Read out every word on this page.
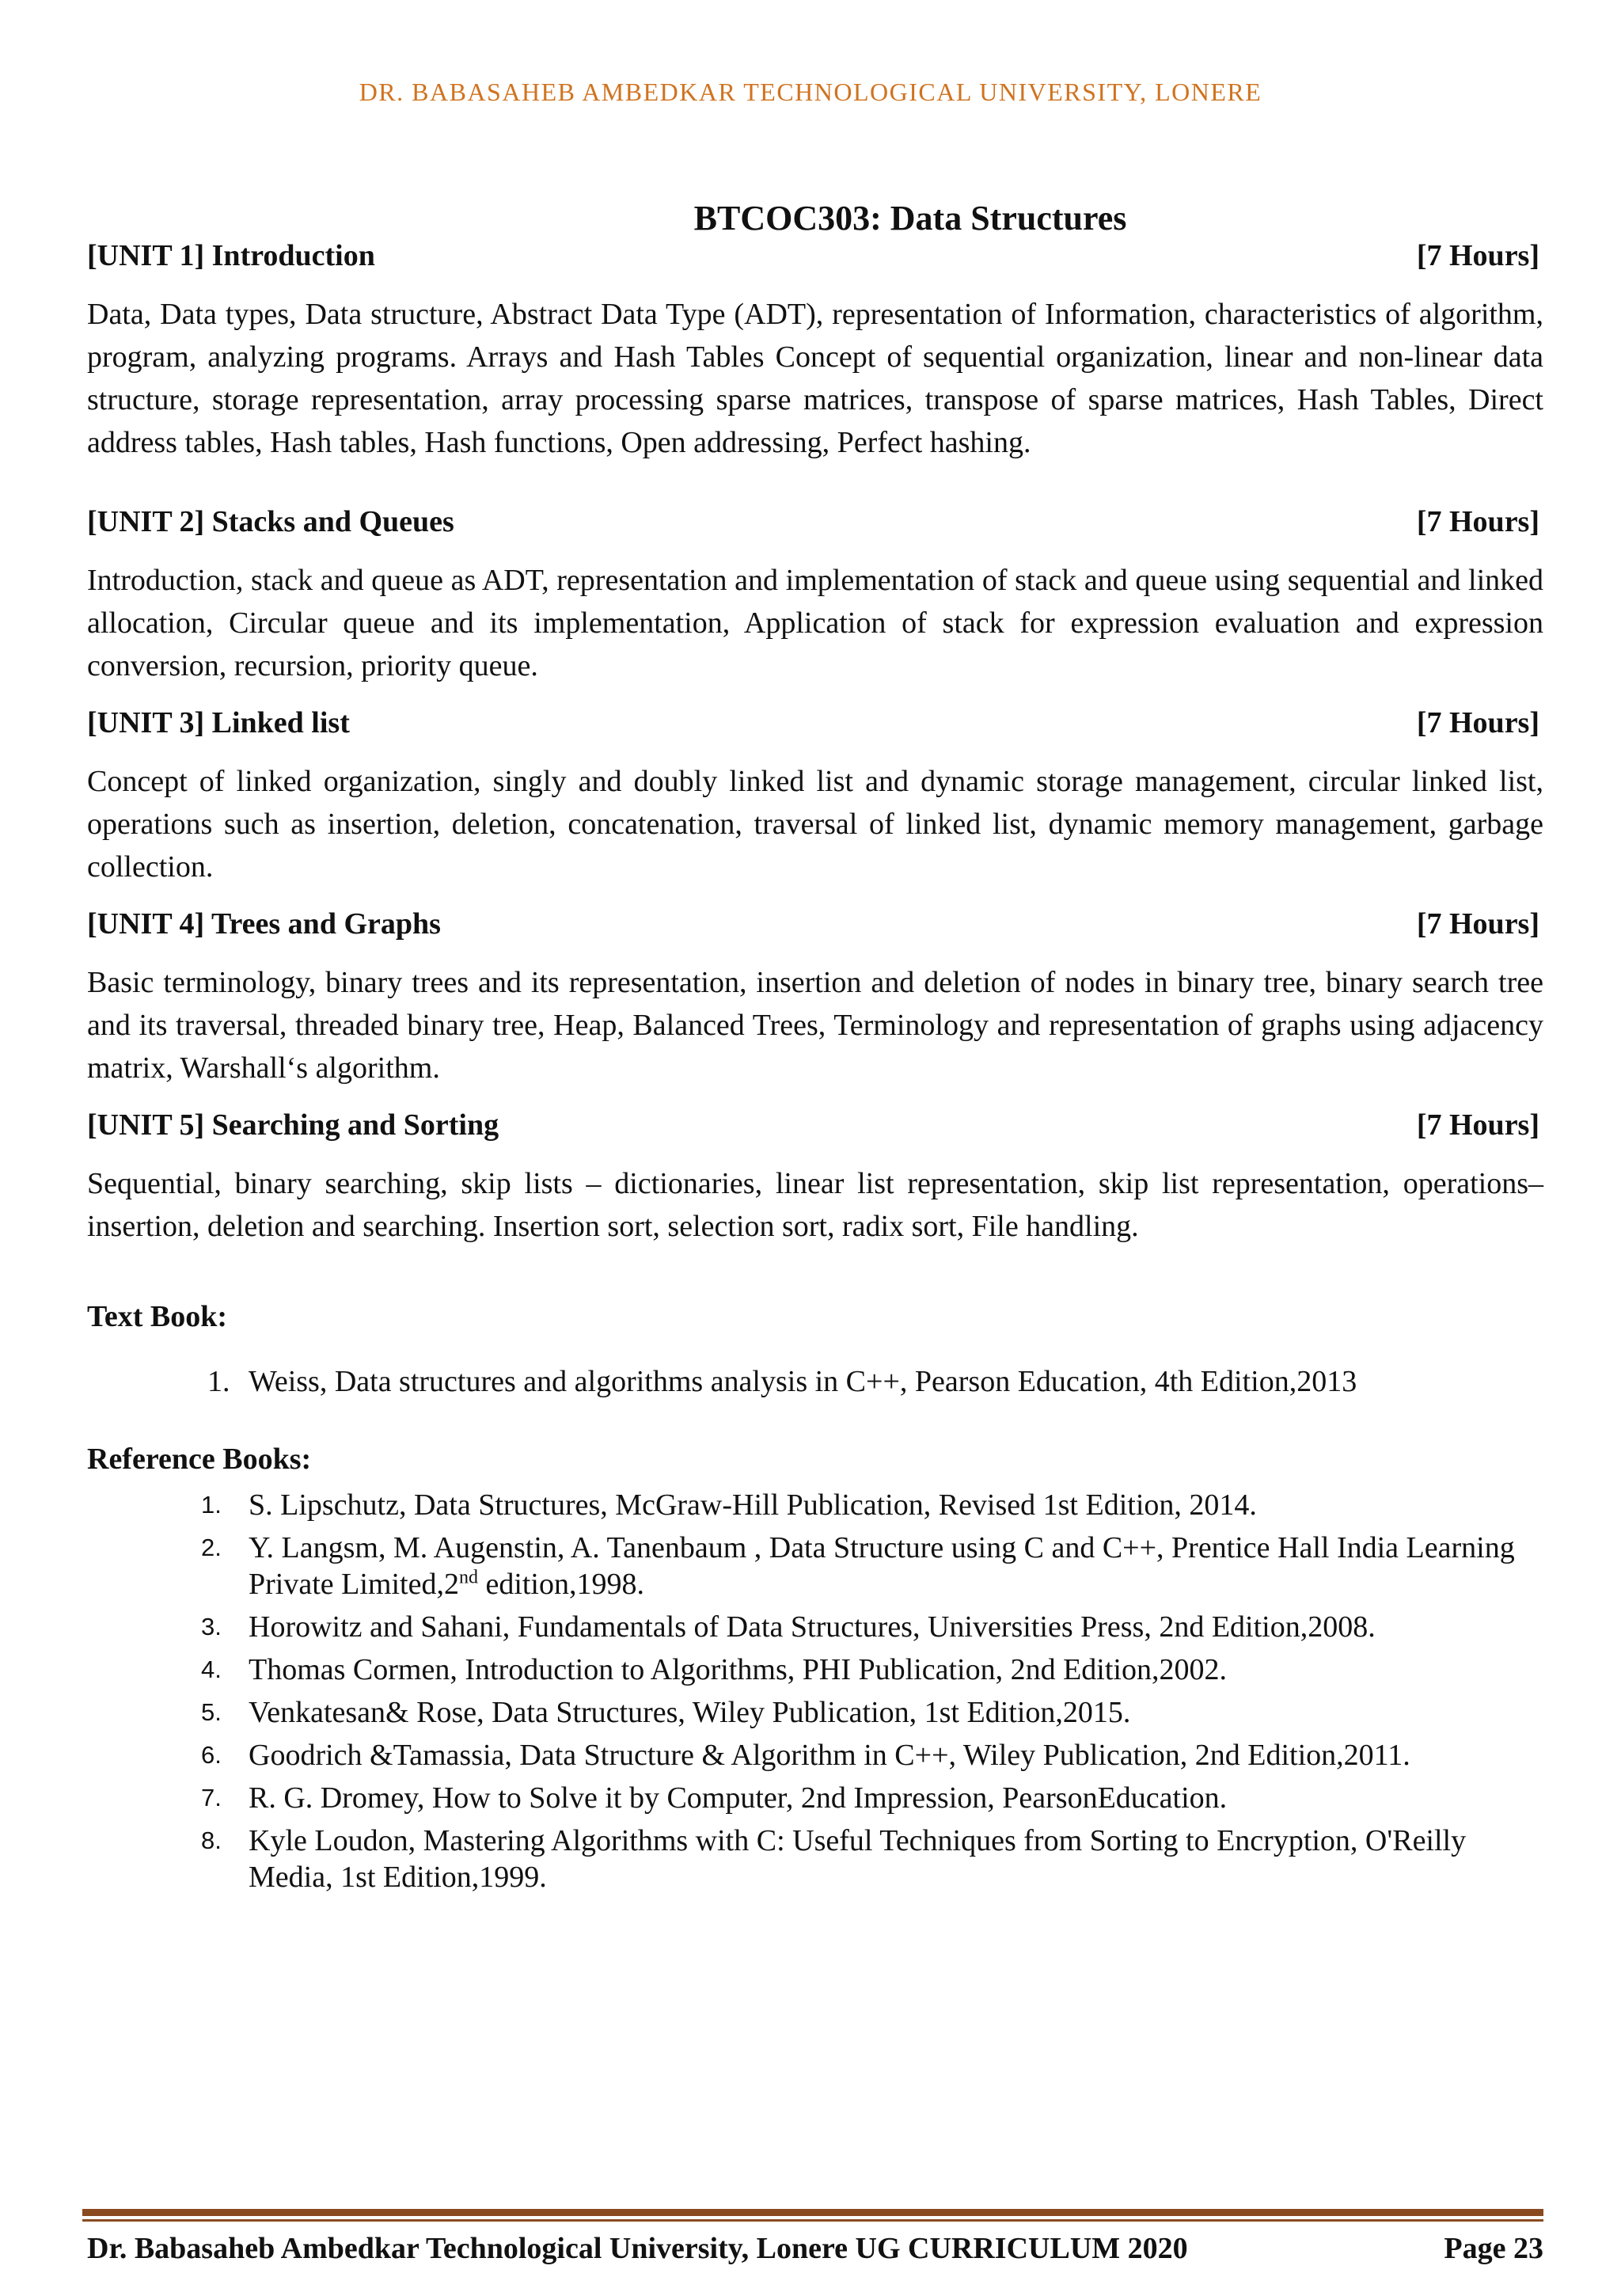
DR. BABASAHEB AMBEDKAR TECHNOLOGICAL UNIVERSITY, LONERE
BTCOC303: Data Structures
[UNIT 1] Introduction	[7 Hours]

Data, Data types, Data structure, Abstract Data Type (ADT), representation of Information, characteristics of algorithm, program, analyzing programs. Arrays and Hash Tables Concept of sequential organization, linear and non-linear data structure, storage representation, array processing sparse matrices, transpose of sparse matrices, Hash Tables, Direct address tables, Hash tables, Hash functions, Open addressing, Perfect hashing.

[UNIT 2] Stacks and Queues	[7 Hours]

Introduction, stack and queue as ADT, representation and implementation of stack and queue using sequential and linked allocation, Circular queue and its implementation, Application of stack for expression evaluation and expression conversion, recursion, priority queue.

[UNIT 3] Linked list	[7 Hours]

Concept of linked organization, singly and doubly linked list and dynamic storage management, circular linked list, operations such as insertion, deletion, concatenation, traversal of linked list, dynamic memory management, garbage collection.

[UNIT 4] Trees and Graphs	[7 Hours]

Basic terminology, binary trees and its representation, insertion and deletion of nodes in binary tree, binary search tree and its traversal, threaded binary tree, Heap, Balanced Trees, Terminology and representation of graphs using adjacency matrix, Warshall‘s algorithm.

[UNIT 5] Searching and Sorting	[7 Hours]

Sequential, binary searching, skip lists – dictionaries, linear list representation, skip list representation, operations– insertion, deletion and searching. Insertion sort, selection sort, radix sort, File handling.

Text Book:
1. Weiss, Data structures and algorithms analysis in C++, Pearson Education, 4th Edition,2013
Reference Books:
1. S. Lipschutz, Data Structures, McGraw-Hill Publication, Revised 1st Edition, 2014.
2. Y. Langsm, M. Augenstin, A. Tanenbaum , Data Structure using C and C++, Prentice Hall India Learning Private Limited,2nd edition,1998.
3. Horowitz and Sahani, Fundamentals of Data Structures, Universities Press, 2nd Edition,2008.
4. Thomas Cormen, Introduction to Algorithms, PHI Publication, 2nd Edition,2002.
5. Venkatesan& Rose, Data Structures, Wiley Publication, 1st Edition,2015.
6. Goodrich &Tamassia, Data Structure & Algorithm in C++, Wiley Publication, 2nd Edition,2011.
7. R. G. Dromey, How to Solve it by Computer, 2nd Impression, PearsonEducation.
8. Kyle Loudon, Mastering Algorithms with C: Useful Techniques from Sorting to Encryption, O'Reilly Media, 1st Edition,1999.
Dr. Babasaheb Ambedkar Technological University, Lonere UG CURRICULUM 2020	Page 23
